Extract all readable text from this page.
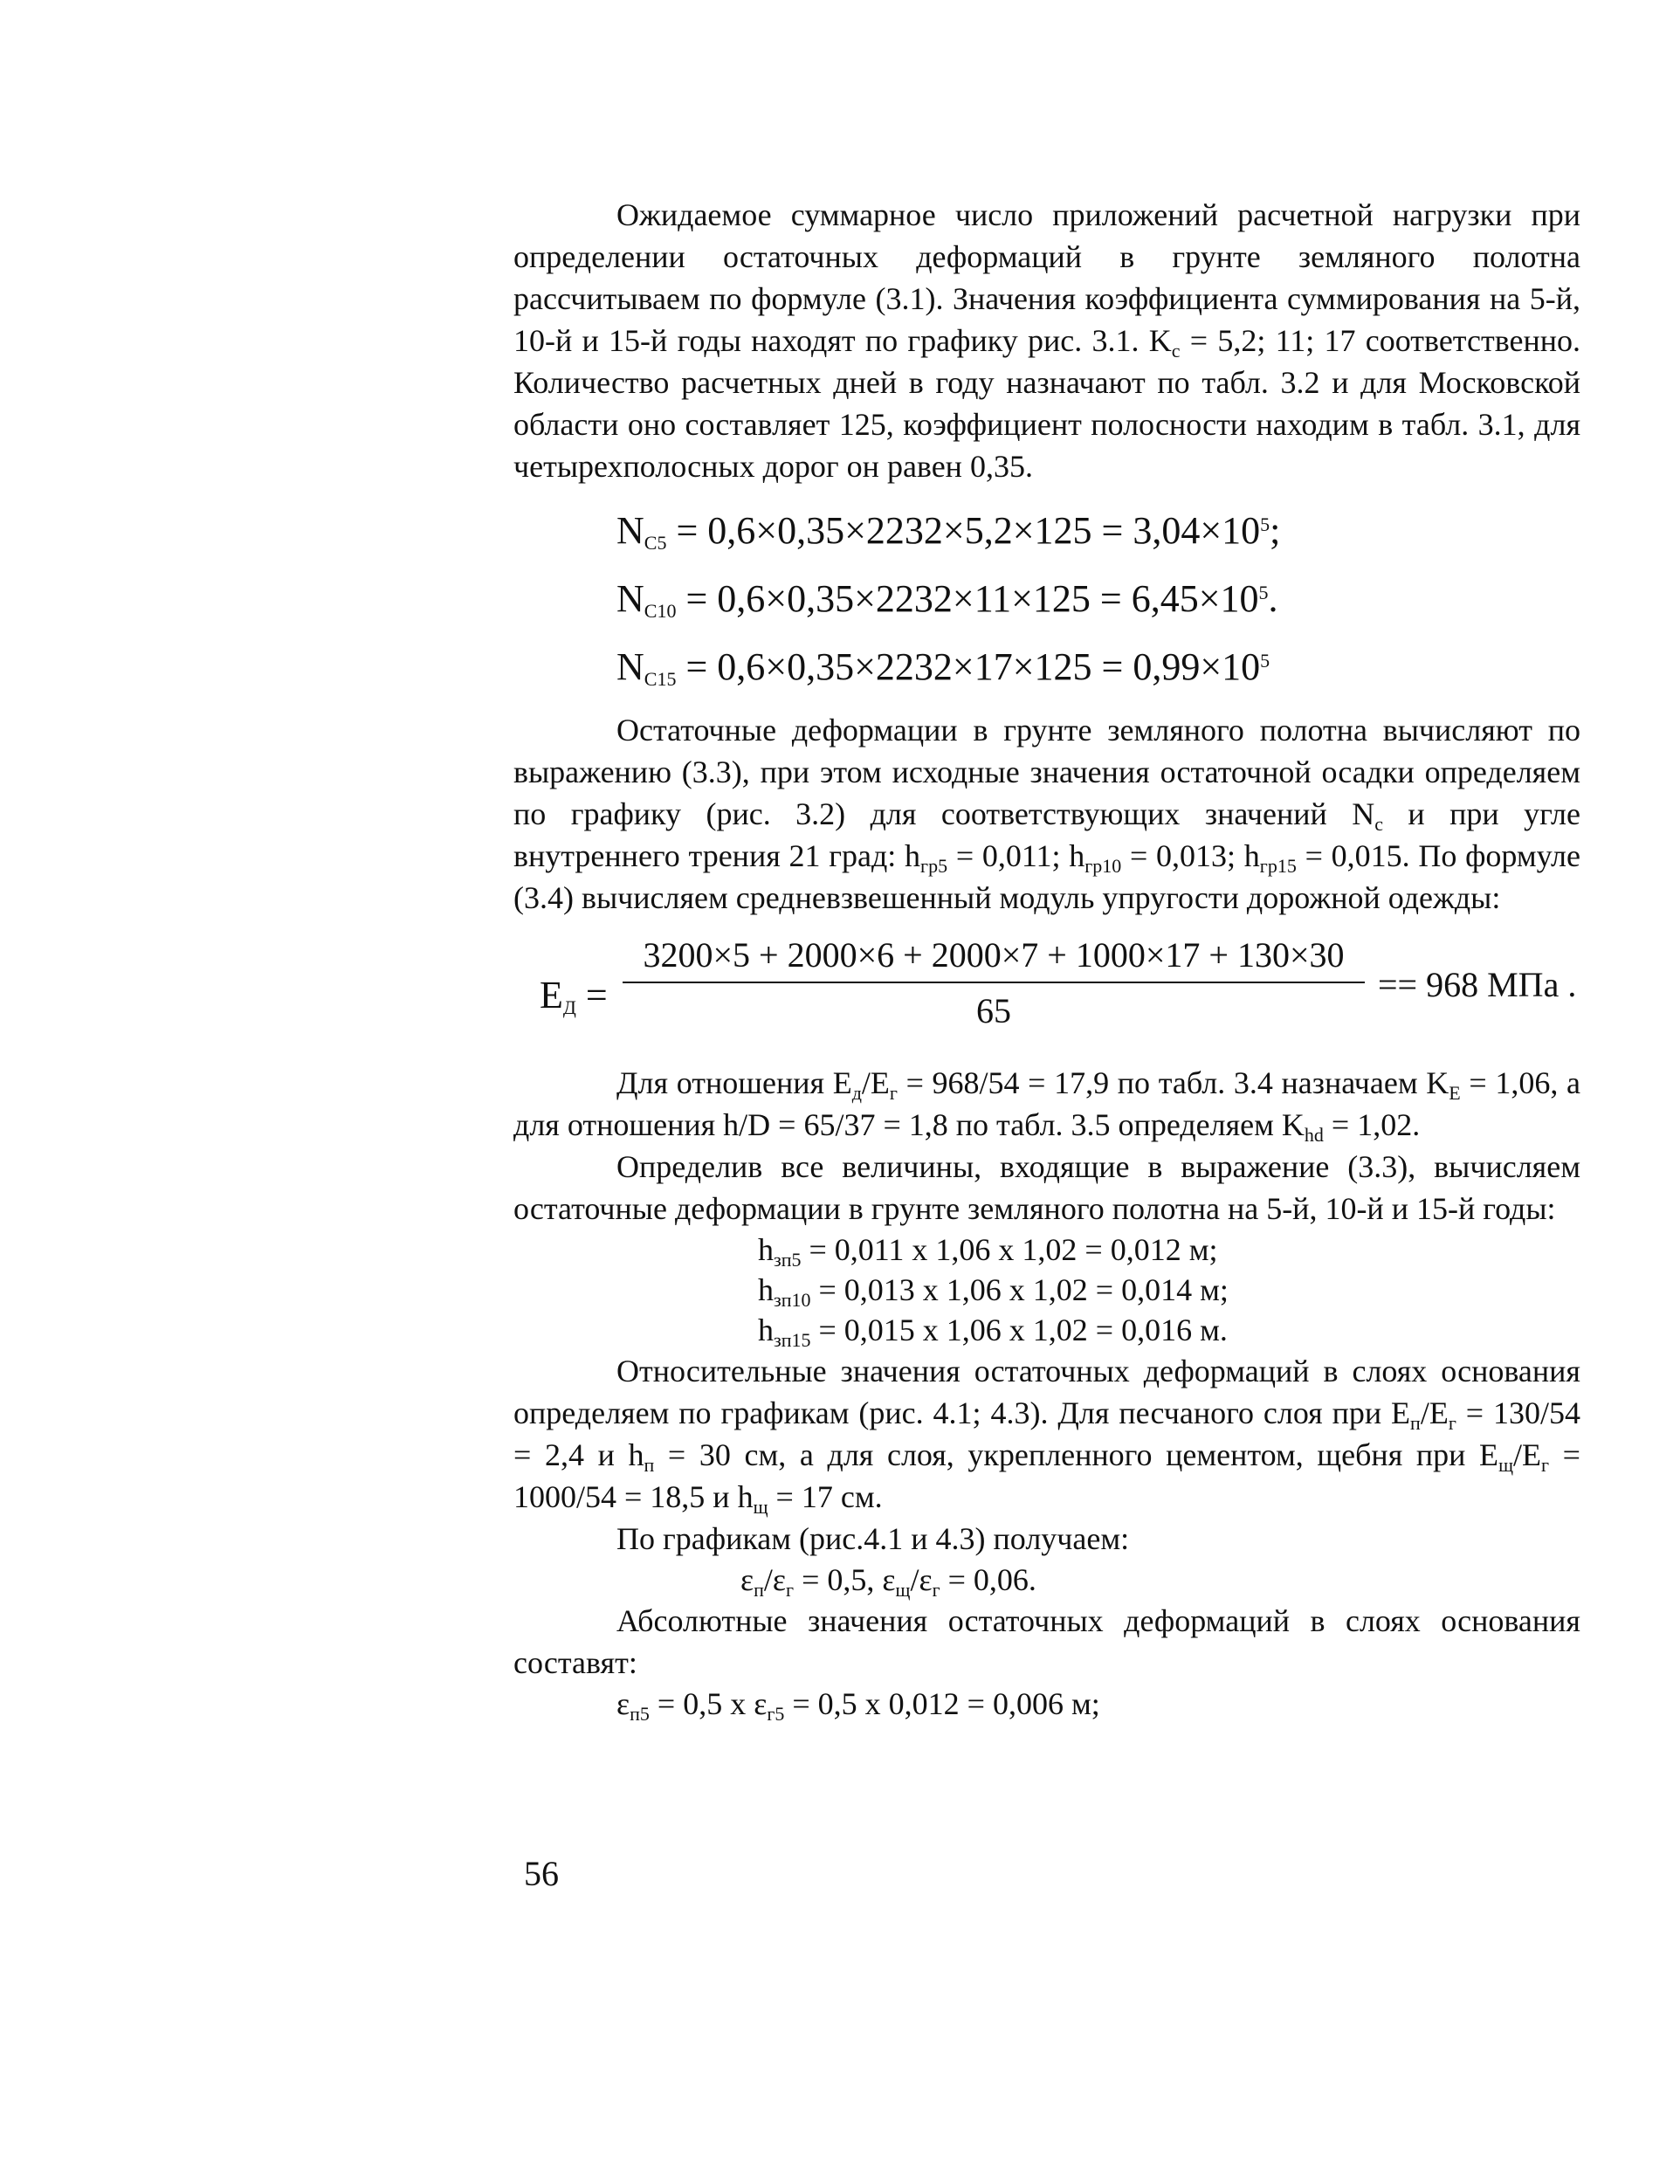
Ожидаемое суммарное число приложений расчетной нагрузки при определении остаточных деформаций в грунте земляного полотна рассчитываем по формуле (3.1). Значения коэффициента суммирования на 5-й, 10-й и 15-й годы находят по графику рис. 3.1. $K_c = 5,2$; 11; 17 соответственно. Количество расчетных дней в году назначают по табл. 3.2 и для Московской области оно составляет 125, коэффициент полосности находим в табл. 3.1, для четырехполосных дорог он равен 0,35.

$N_{C5} = 0,6\times 0,35\times 2232\times 5,2\times 125 = 3,04\times 10^5$;
$N_{C10} = 0,6\times 0,35\times 2232\times 11\times 125 = 6,45\times 10^5$.
$N_{C15} = 0,6\times 0,35\times 2232\times 17\times 125 = 0,99\times 10^5$

Остаточные деформации в грунте земляного полотна вычисляют по выражению (3.3), при этом исходные значения остаточной осадки определяем по графику (рис. 3.2) для соответствующих значений $N_c$ и при угле внутреннего трения 21 град: $h_{гр5} = 0,011$; $h_{гр10} = 0,013$; $h_{гр15} = 0,015$. По формуле (3.4) вычисляем средневзвешенный модуль упругости дорожной одежды:

$E_Д$ =
3200×5 + 2000×6 + 2000×7 + 1000×17 + 130×30
65
== 968 МПа .

Для отношения $E_д/E_г = 968/54 = 17,9$ по табл. 3.4 назначаем $K_E = 1,06$, а для отношения h/D = 65/37 = 1,8 по табл. 3.5 определяем $K_{hd} = 1,02$.

Определив все величины, входящие в выражение (3.3), вычисляем остаточные деформации в грунте земляного полотна на 5-й, 10-й и 15-й годы:

$h_{зп5} = 0,011$ x 1,06 x 1,02 = 0,012 м;
$h_{зп10} = 0,013$ x 1,06 x 1,02 = 0,014 м;
$h_{зп15} = 0,015$ x 1,06 x 1,02 = 0,016 м.

Относительные значения остаточных деформаций в слоях основания определяем по графикам (рис. 4.1; 4.3). Для песчаного слоя при $E_п/E_г = 130/54 = 2,4$ и $h_п = 30$ см, а для слоя, укрепленного цементом, щебня при $E_щ/E_г = 1000/54 = 18,5$ и $h_щ = 17$ см.

По графикам (рис.4.1 и 4.3) получаем:

$\varepsilon_п/\varepsilon_г = 0,5$, $\varepsilon_щ/\varepsilon_г = 0,06$.

Абсолютные значения остаточных деформаций в слоях основания составят:

$\varepsilon_{п5} = 0,5$ x $\varepsilon_{г5} = 0,5$ x 0,012 = 0,006 м;
56
